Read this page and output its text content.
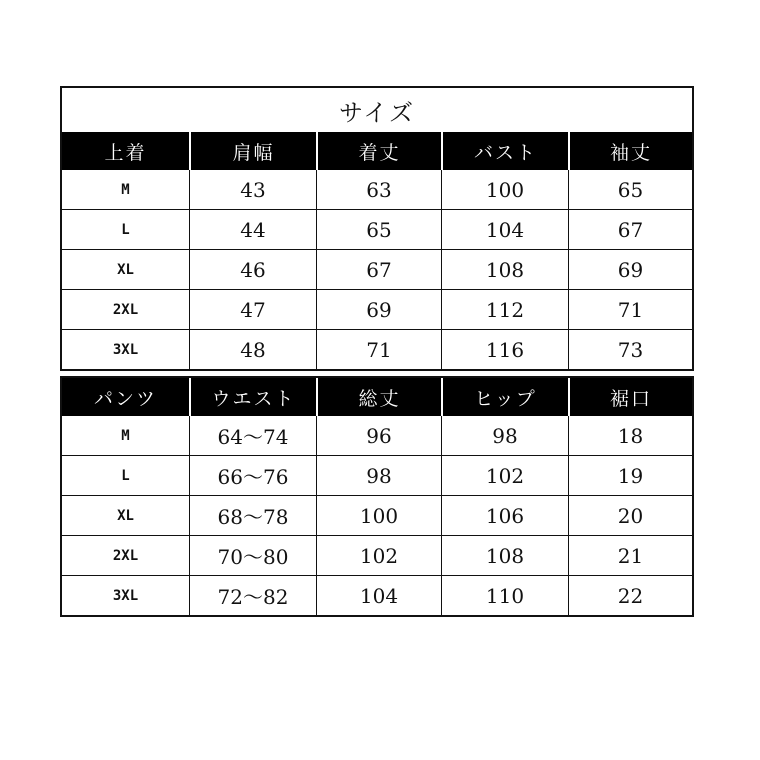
サイズ
上着	肩幅	着丈	バスト	袖丈
M	43	63	100	65
L	44	65	104	67
XL	46	67	108	69
2XL	47	69	112	71
3XL	48	71	116	73
パンツ	ウエスト	総丈	ヒップ	裾口
M	64～74	96	98	18
L	66～76	98	102	19
XL	68～78	100	106	20
2XL	70～80	102	108	21
3XL	72～82	104	110	22
